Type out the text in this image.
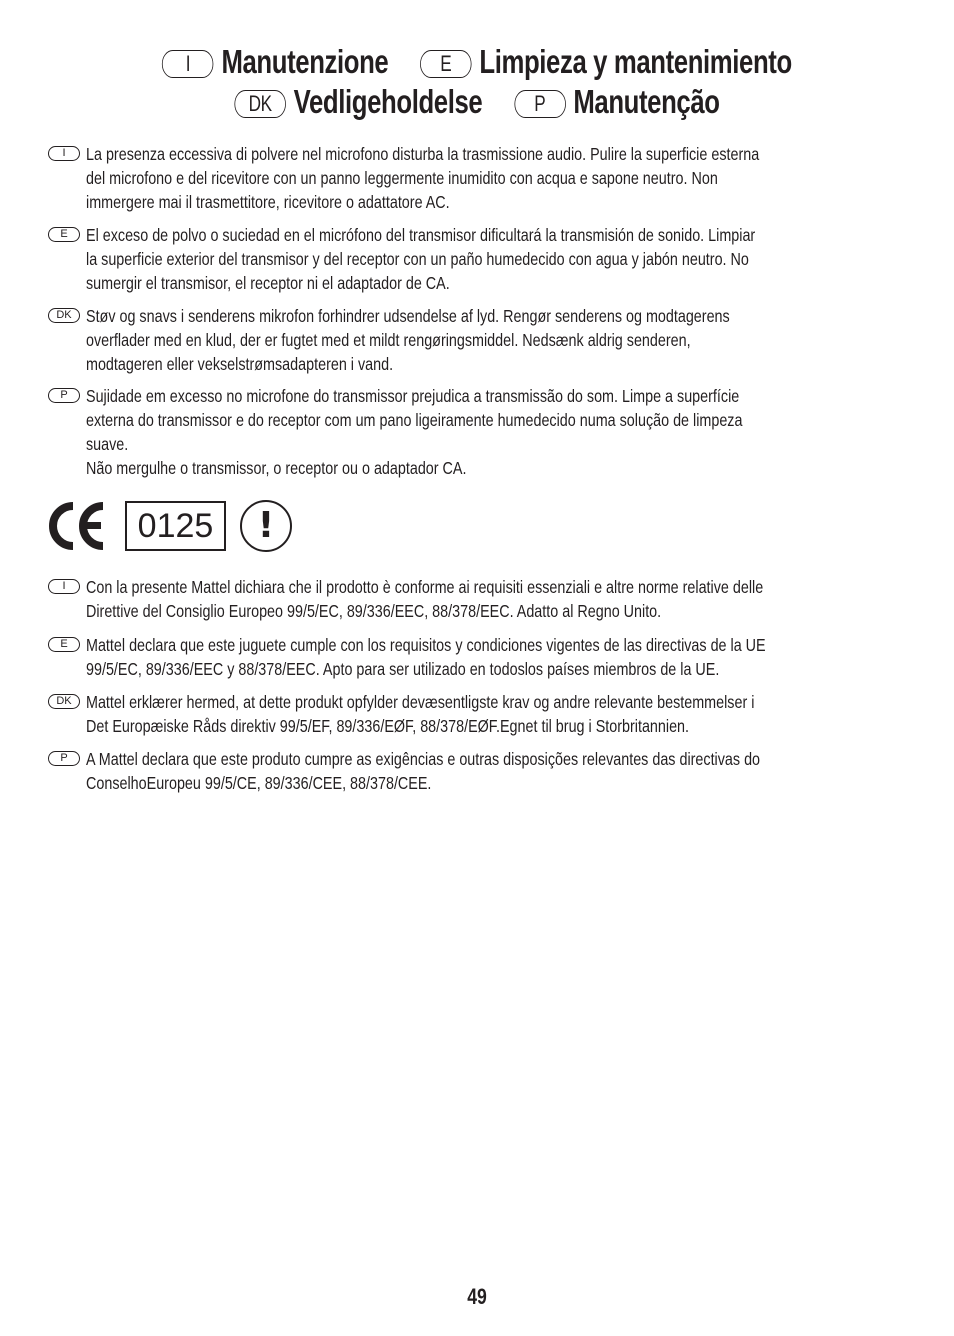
I Manutenzione E Limpieza y mantenimiento
DK Vedligeholdelse P Manutenção
I	La presenza eccessiva di polvere nel microfono disturba la trasmissione audio. Pulire la superficie esterna del microfono e del ricevitore con un panno leggermente inumidito con acqua e sapone neutro. Non immergere mai il trasmettitore, ricevitore o adattatore AC.
E	El exceso de polvo o suciedad en el micrófono del transmisor dificultará la transmisión de sonido. Limpiar la superficie exterior del transmisor y del receptor con un paño humedecido con agua y jabón neutro. No sumergir el transmisor, el receptor ni el adaptador de CA.
DK Støv og snavs i senderens mikrofon forhindrer udsendelse af lyd. Rengør senderens og modtagerens overflader med en klud, der er fugtet med et mildt rengøringsmiddel. Nedsænk aldrig senderen, modtageren eller vekselstrømsadapteren i vand.
P	Sujidade em excesso no microfone do transmissor prejudica a transmissão do som. Limpe a superfície externa do transmissor e do receptor com um pano ligeiramente humedecido numa solução de limpeza suave.
Não mergulhe o transmissor, o receptor ou o adaptador CA.
0125	!
I	Con la presente Mattel dichiara che il prodotto è conforme ai requisiti essenziali e altre norme relative delle Direttive del Consiglio Europeo 99/5/EC, 89/336/EEC, 88/378/EEC. Adatto al Regno Unito.
E	Mattel declara que este juguete cumple con los requisitos y condiciones vigentes de las directivas de la UE 99/5/EC, 89/336/EEC y 88/378/EEC. Apto para ser utilizado en todoslos países miembros de la UE.
DK Mattel erklærer hermed, at dette produkt opfylder devæsentligste krav og andre relevante bestemmelser i Det Europæiske Råds direktiv 99/5/EF, 89/336/EØF, 88/378/EØF.Egnet til brug i Storbritannien.
P	A Mattel declara que este produto cumpre as exigências e outras disposições relevantes das directivas do ConselhoEuropeu 99/5/CE, 89/336/CEE, 88/378/CEE.
49
